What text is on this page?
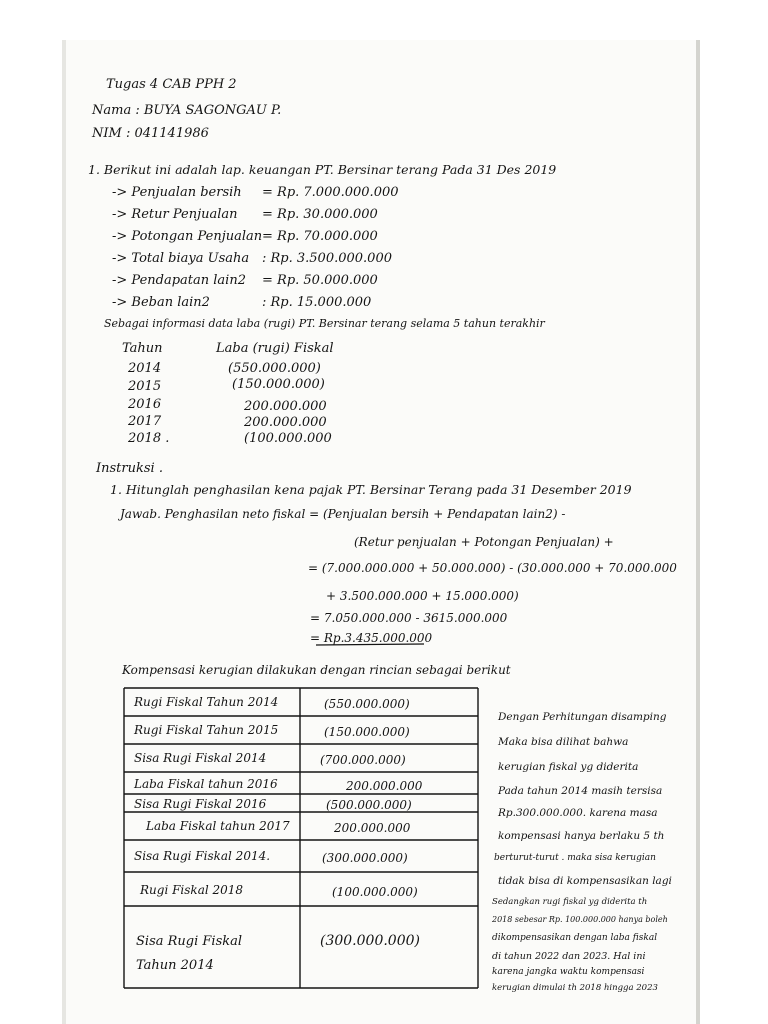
Tugas 4 CAB PPH 2
Nama : BUYA SAGONGAU P.
NIM : 041141986
1. Berikut ini adalah lap. keuangan PT. Bersinar terang Pada 31 Des 2019
-> Penjualan bersih = Rp. 7.000.000.000
-> Retur Penjualan = Rp. 30.000.000
-> Potongan Penjualan = Rp. 70.000.000
-> Total biaya Usaha : Rp. 3.500.000.000
-> Pendapatan lain2 = Rp. 50.000.000
-> Beban lain2	: Rp. 15.000.000
Sebagai informasi data laba (rugi) PT. Bersinar terang selama 5 tahun terakhir
Tahun	Laba (rugi) Fiskal
2014	(550.000.000)
2015	(150.000.000)
2016	200.000.000
2017	200.000.000
2018 .	(100.000.000
Instruksi .
1. Hitunglah penghasilan kena pajak PT. Bersinar Terang pada 31 Desember 2019
Jawab. Penghasilan neto fiskal = (Penjualan bersih + Pendapatan lain2) -
(Retur penjualan + Potongan Penjualan) +
= (7.000.000.000 + 50.000.000) - (30.000.000 + 70.000.000
+ 3.500.000.000 + 15.000.000)
= 7.050.000.000 - 3615.000.000
= Rp.3.435.000.000
Kompensasi kerugian dilakukan dengan rincian sebagai berikut
Rugi Fiskal Tahun 2014	(550.000.000)
Rugi Fiskal Tahun 2015	(150.000.000)
Sisa Rugi Fiskal 2014	(700.000.000)
Laba Fiskal tahun 2016	200.000.000
Sisa Rugi Fiskal 2016	(500.000.000)
Laba Fiskal tahun 2017	200.000.000
Sisa Rugi Fiskal 2014.	(300.000.000)
Rugi Fiskal 2018	(100.000.000)
Sisa Rugi Fiskal Tahun 2014
(300.000.000)
Dengan Perhitungan disamping
Maka bisa dilihat bahwa
kerugian fiskal yg diderita
Pada tahun 2014 masih tersisa
Rp.300.000.000. karena masa
kompensasi hanya berlaku 5 th
berturut-turut . maka sisa kerugian
tidak bisa di kompensasikan lagi
Sedangkan rugi fiskal yg diderita th
2018 sebesar Rp. 100.000.000 hanya boleh
dikompensasikan dengan laba fiskal
di tahun 2022 dan 2023. Hal ini
karena jangka waktu kompensasi
kerugian dimulai th 2018 hingga 2023
